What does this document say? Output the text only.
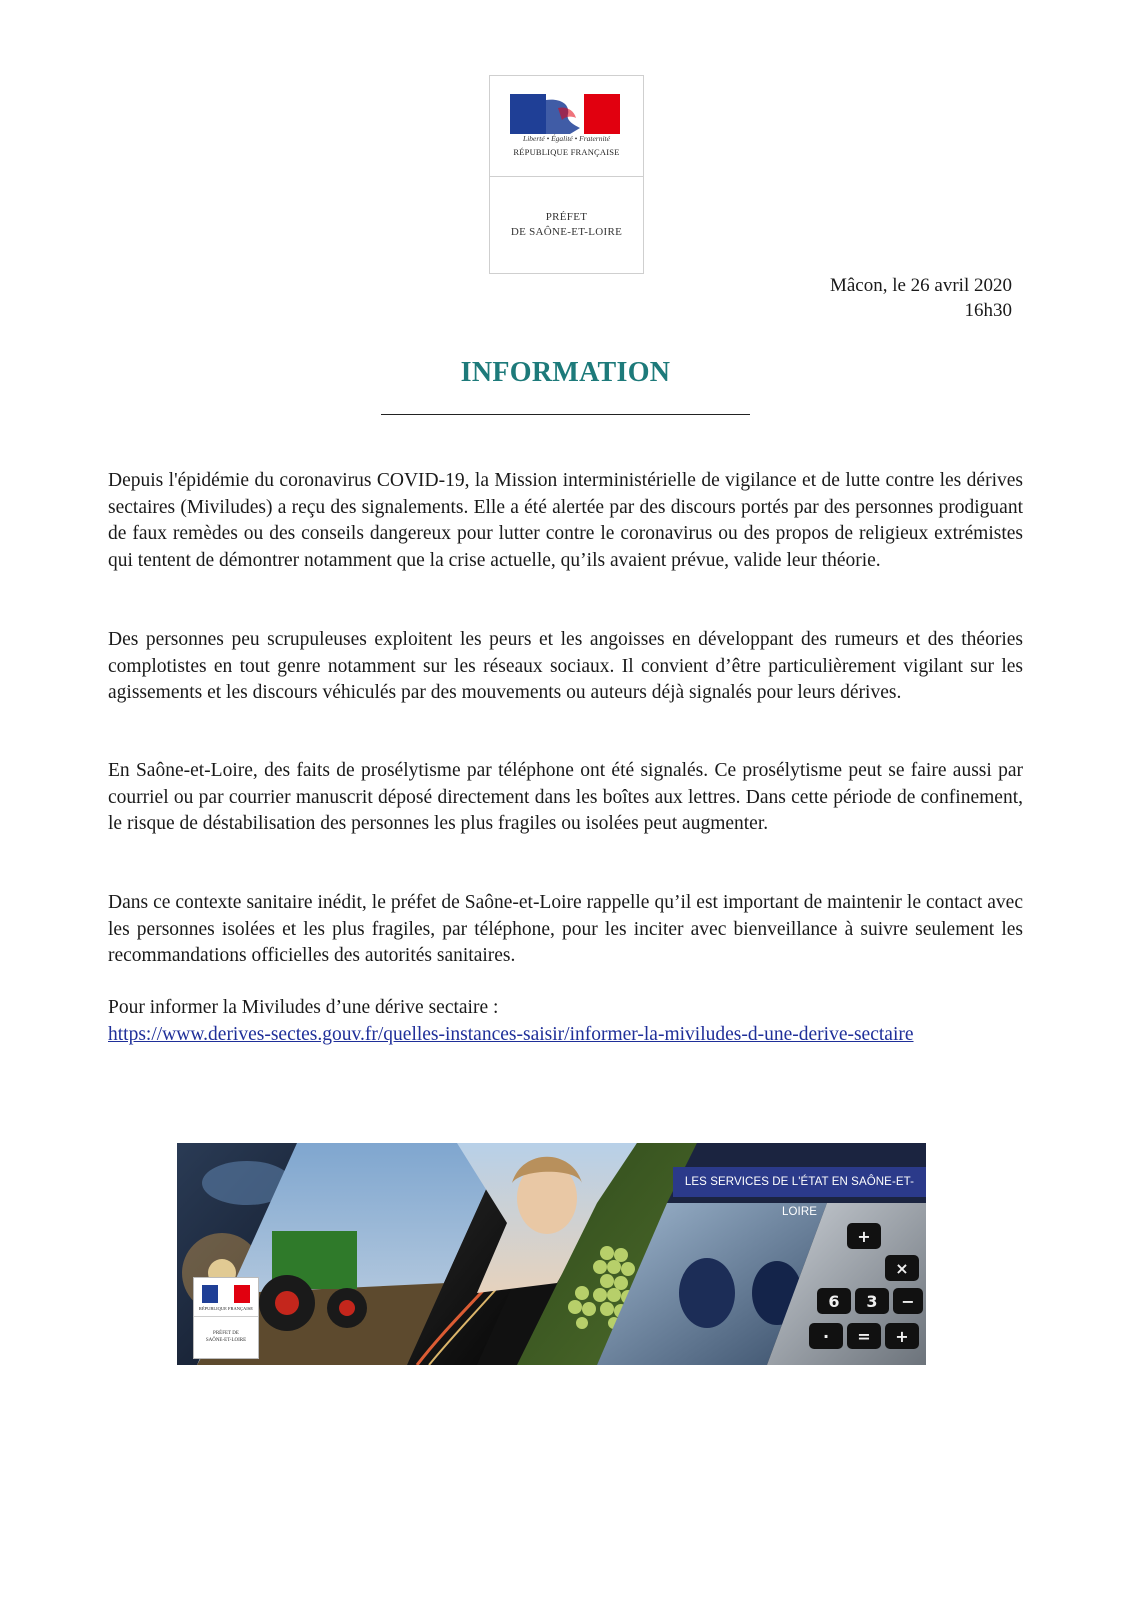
Liberté • Égalité • Fraternité
RÉPUBLIQUE FRANÇAISE
PRÉFET
DE SAÔNE-ET-LOIRE
Mâcon, le 26 avril 2020
16h30
INFORMATION
Depuis l'épidémie du coronavirus COVID-19, la Mission interministérielle de vigilance et de lutte contre les dérives sectaires (Miviludes) a reçu des signalements. Elle a été alertée par des discours portés par des personnes prodiguant de faux remèdes ou des conseils dangereux pour lutter contre le coronavirus ou des propos de religieux extrémistes qui tentent de démontrer notamment que la crise actuelle, qu’ils avaient prévue, valide leur théorie.
Des personnes peu scrupuleuses exploitent les peurs et les angoisses en développant des rumeurs et des théories complotistes en tout genre notamment sur les réseaux sociaux. Il convient d’être particulièrement vigilant sur les agissements et les discours véhiculés par des mouvements ou auteurs déjà signalés pour leurs dérives.
En Saône-et-Loire, des faits de prosélytisme par téléphone ont été signalés. Ce prosélytisme peut se faire aussi par courriel ou par courrier manuscrit déposé directement dans les boîtes aux lettres. Dans cette période de confinement, le risque de déstabilisation des personnes les plus fragiles ou isolées peut augmenter.
Dans ce contexte sanitaire inédit, le préfet de Saône-et-Loire rappelle qu’il est important de maintenir le contact avec les personnes isolées et les plus fragiles, par téléphone, pour les inciter avec bienveillance à suivre seulement les recommandations officielles des autorités sanitaires.
Pour informer la Miviludes d’une dérive sectaire :
https://www.derives-sectes.gouv.fr/quelles-instances-saisir/informer-la-miviludes-d-une-derive-sectaire
+
×
6 3 −
· = +
LES SERVICES DE L'ÉTAT EN SAÔNE-ET-LOIRE
RÉPUBLIQUE FRANÇAISE
PRÉFET DE
SAÔNE-ET-LOIRE
